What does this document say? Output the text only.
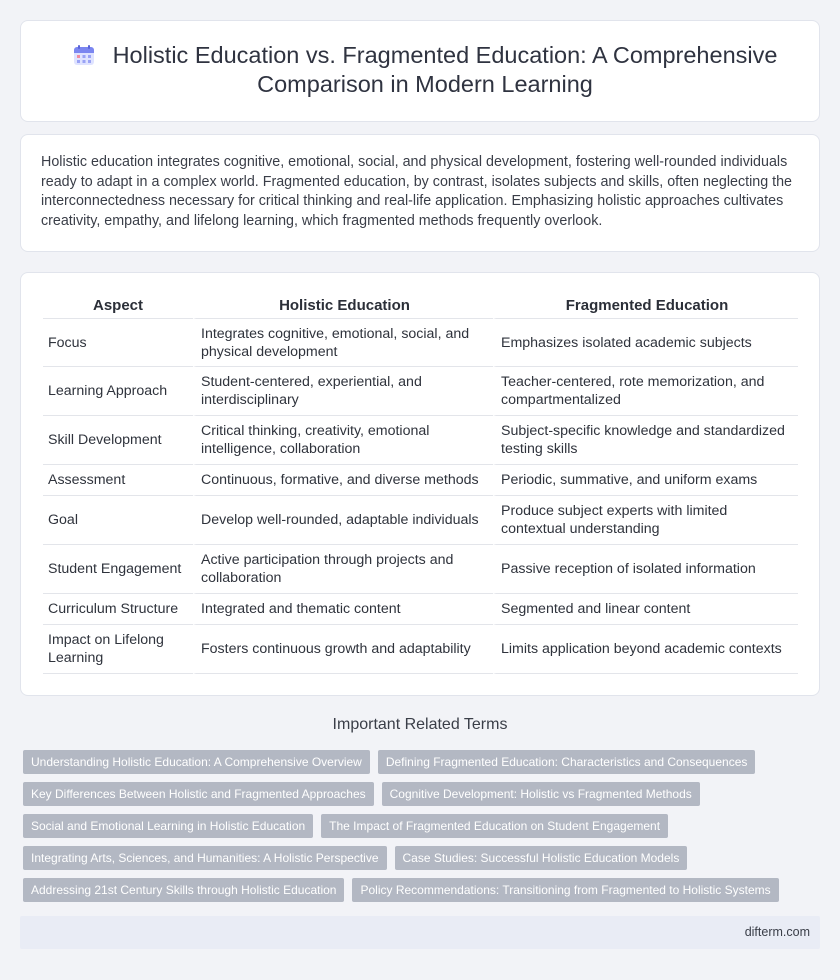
Holistic Education vs. Fragmented Education: A Comprehensive Comparison in Modern Learning

Holistic education integrates cognitive, emotional, social, and physical development, fostering well-rounded individuals ready to adapt in a complex world. Fragmented education, by contrast, isolates subjects and skills, often neglecting the interconnectedness necessary for critical thinking and real-life application. Emphasizing holistic approaches cultivates creativity, empathy, and lifelong learning, which fragmented methods frequently overlook.

Aspect	Holistic Education	Fragmented Education
Focus	Integrates cognitive, emotional, social, and physical development	Emphasizes isolated academic subjects
Learning Approach	Student-centered, experiential, and interdisciplinary	Teacher-centered, rote memorization, and compartmentalized
Skill Development	Critical thinking, creativity, emotional intelligence, collaboration	Subject-specific knowledge and standardized testing skills
Assessment	Continuous, formative, and diverse methods	Periodic, summative, and uniform exams
Goal	Develop well-rounded, adaptable individuals	Produce subject experts with limited contextual understanding
Student Engagement	Active participation through projects and collaboration	Passive reception of isolated information
Curriculum Structure	Integrated and thematic content	Segmented and linear content
Impact on Lifelong Learning	Fosters continuous growth and adaptability	Limits application beyond academic contexts
Important Related Terms
Understanding Holistic Education: A Comprehensive Overview	Defining Fragmented Education: Characteristics and Consequences
Key Differences Between Holistic and Fragmented Approaches	Cognitive Development: Holistic vs Fragmented Methods
Social and Emotional Learning in Holistic Education	The Impact of Fragmented Education on Student Engagement
Integrating Arts, Sciences, and Humanities: A Holistic Perspective	Case Studies: Successful Holistic Education Models
Addressing 21st Century Skills through Holistic Education	Policy Recommendations: Transitioning from Fragmented to Holistic Systems
difterm.com
